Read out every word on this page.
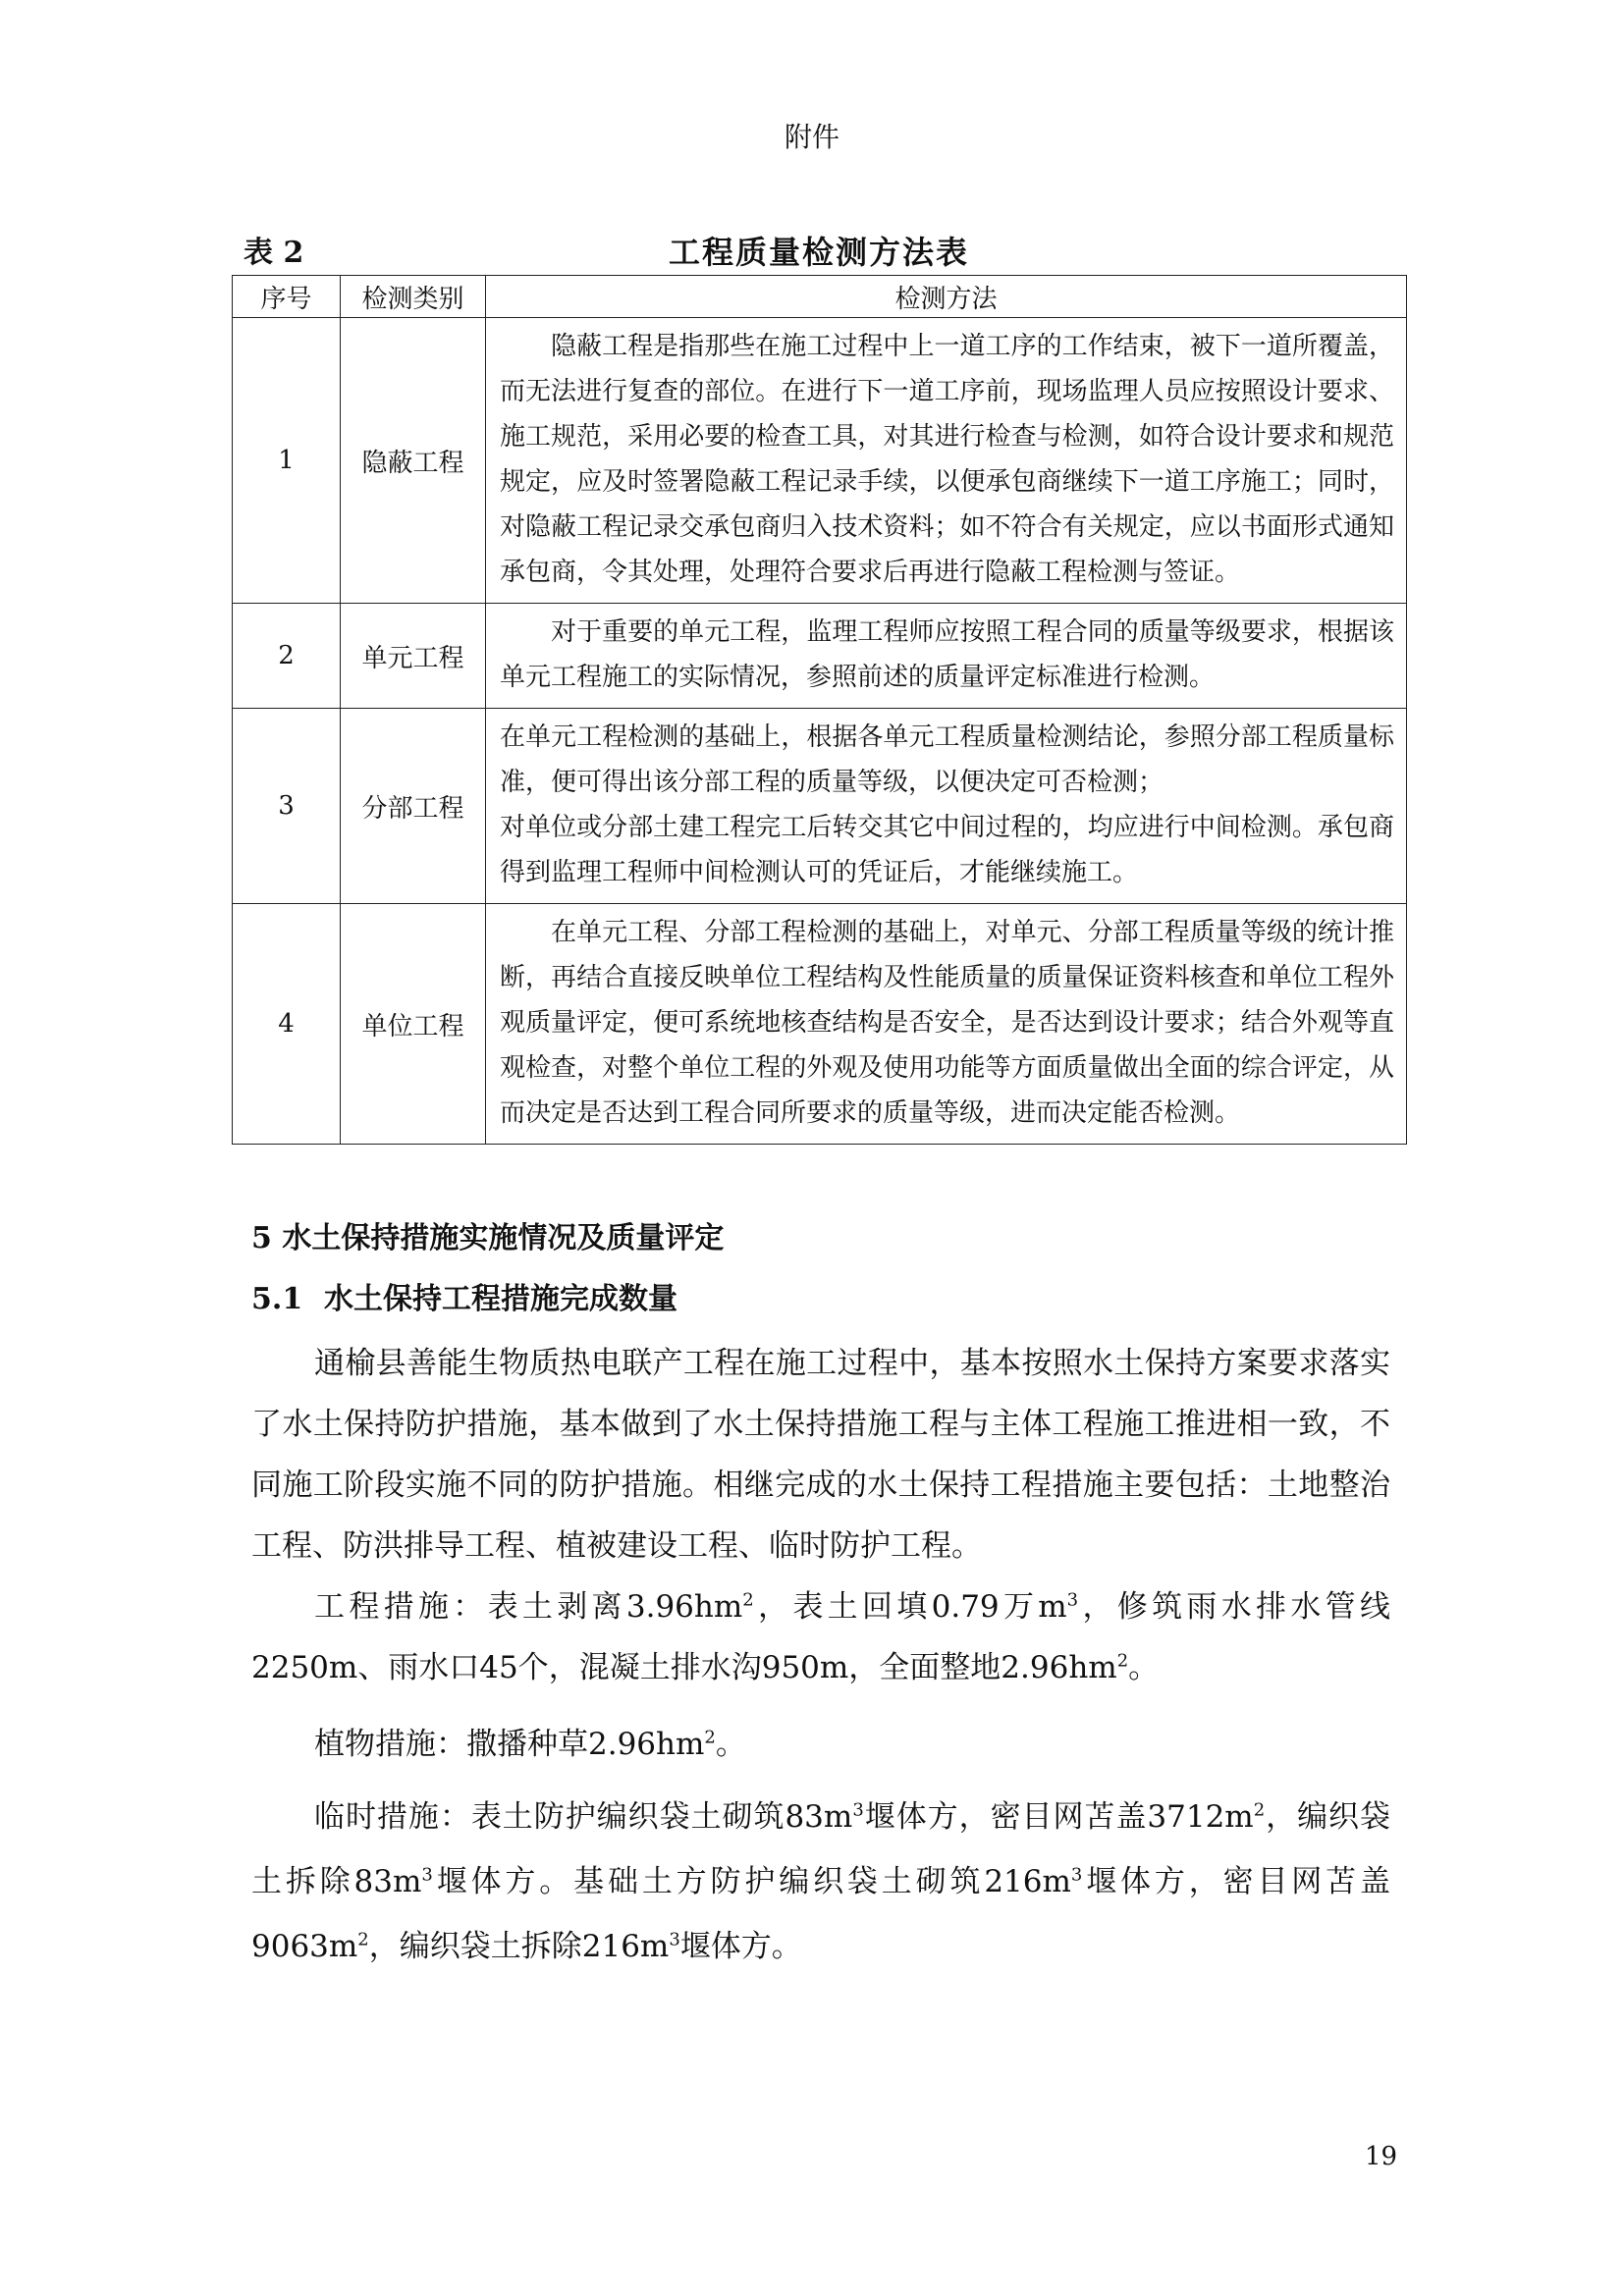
附件
表 2	工程质量检测方法表
序号	检测类别	检测方法
1	隐蔽工程	隐蔽工程是指那些在施工过程中上一道工序的工作结束，被下一道所覆盖，而无法进行复查的部位。在进行下一道工序前，现场监理人员应按照设计要求、施工规范，采用必要的检查工具，对其进行检查与检测，如符合设计要求和规范规定，应及时签署隐蔽工程记录手续，以便承包商继续下一道工序施工；同时，对隐蔽工程记录交承包商归入技术资料；如不符合有关规定，应以书面形式通知承包商，令其处理，处理符合要求后再进行隐蔽工程检测与签证。
2	单元工程	对于重要的单元工程，监理工程师应按照工程合同的质量等级要求，根据该单元工程施工的实际情况，参照前述的质量评定标准进行检测。
3	分部工程	在单元工程检测的基础上，根据各单元工程质量检测结论，参照分部工程质量标准，便可得出该分部工程的质量等级，以便决定可否检测；
对单位或分部土建工程完工后转交其它中间过程的，均应进行中间检测。承包商得到监理工程师中间检测认可的凭证后，才能继续施工。

4	单位工程	在单元工程、分部工程检测的基础上，对单元、分部工程质量等级的统计推断，再结合直接反映单位工程结构及性能质量的质量保证资料核查和单位工程外观质量评定，便可系统地核查结构是否安全，是否达到设计要求；结合外观等直观检查，对整个单位工程的外观及使用功能等方面质量做出全面的综合评定，从而决定是否达到工程合同所要求的质量等级，进而决定能否检测。
5 水土保持措施实施情况及质量评定
5.1 水土保持工程措施完成数量

通榆县善能生物质热电联产工程在施工过程中，基本按照水土保持方案要求落实了水土保持防护措施，基本做到了水土保持措施工程与主体工程施工推进相一致，不同施工阶段实施不同的防护措施。相继完成的水土保持工程措施主要包括：土地整治工程、防洪排导工程、植被建设工程、临时防护工程。

工程措施：表土剥离$3.96hm^2$，表土回填0.79万$m^3$，修筑雨水排水管线2250m、雨水口45个，混凝土排水沟950m，全面整地$2.96hm^2$。

植物措施：撒播种草$2.96hm^2$。

临时措施：表土防护编织袋土砌筑$83m^3$堰体方，密目网苫盖$3712m^2$，编织袋土拆除$83m^3$堰体方。基础土方防护编织袋土砌筑$216m^3$堰体方，密目网苫盖$9063m^2$，编织袋土拆除$216m^3$堰体方。

19
